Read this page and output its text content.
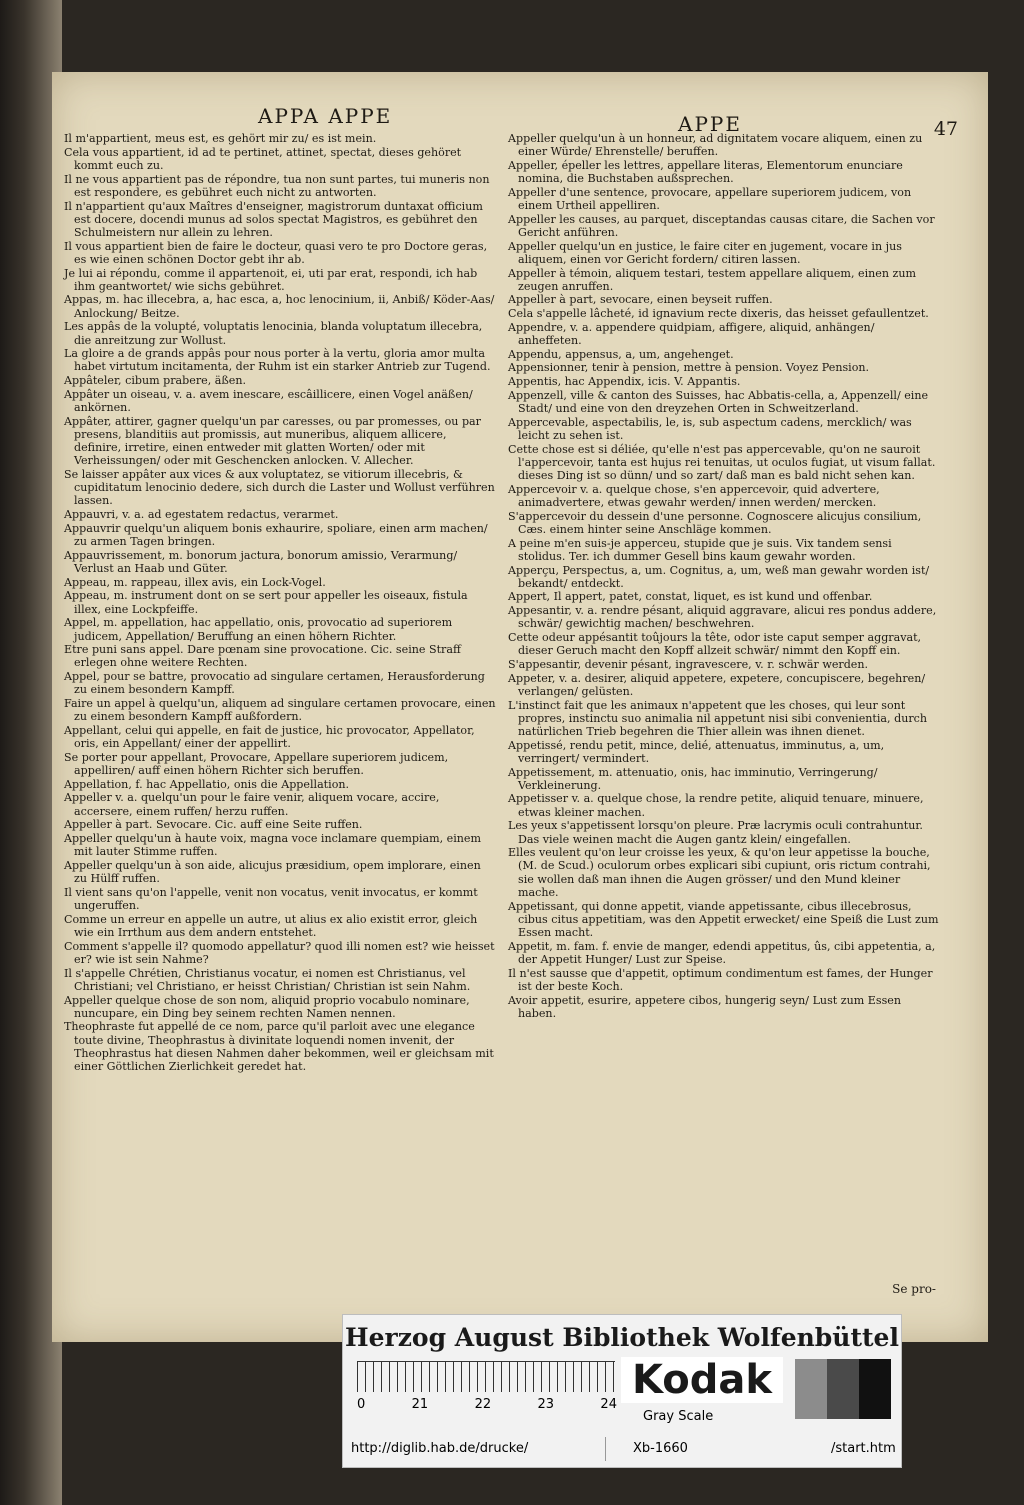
APPA APPE	APPE	47
Il m'appartient, meus est, es gehört mir zu/ es ist mein.
Cela vous appartient, id ad te pertinet, attinet, spectat, dieses gehöret kommt euch zu.
Il ne vous appartient pas de répondre, tua non sunt partes, tui muneris non est respondere, es gebühret euch nicht zu antworten.
Il n'appartient qu'aux Maîtres d'enseigner, magistrorum duntaxat officium est docere, docendi munus ad solos spectat Magistros, es gebühret den Schulmeistern nur allein zu lehren.
Il vous appartient bien de faire le docteur, quasi vero te pro Doctore geras, es wie einen schönen Doctor gebt ihr ab.
Je lui ai répondu, comme il appartenoit, ei, uti par erat, respondi, ich hab ihm geantwortet/ wie sichs gebühret.
Appas, m. hac illecebra, a, hac esca, a, hoc lenocinium, ii, Anbiß/ Köder-Aas/ Anlockung/ Beitze.
Les appâs de la volupté, voluptatis lenocinia, blanda voluptatum illecebra, die anreitzung zur Wollust.
La gloire a de grands appâs pour nous porter à la vertu, gloria amor multa habet virtutum incitamenta, der Ruhm ist ein starker Antrieb zur Tugend.
Appâteler, cibum prabere, äßen.
Appâter un oiseau, v. a. avem inescare, escâillicere, einen Vogel anäßen/ ankörnen.
Appâter, attirer, gagner quelqu'un par caresses, ou par promesses, ou par presens, blanditiis aut promissis, aut muneribus, aliquem allicere, definire, irretire, einen entweder mit glatten Worten/ oder mit Verheissungen/ oder mit Geschencken anlocken. V. Allecher.
Se laisser appâter aux vices & aux voluptatez, se vitiorum illecebris, & cupiditatum lenocinio dedere, sich durch die Laster und Wollust verführen lassen.
Appauvri, v. a. ad egestatem redactus, verarmet.
Appauvrir quelqu'un aliquem bonis exhaurire, spoliare, einen arm machen/ zu armen Tagen bringen.
Appauvrissement, m. bonorum jactura, bonorum amissio, Verarmung/ Verlust an Haab und Güter.
Appeau, m. rappeau, illex avis, ein Lock-Vogel.
Appeau, m. instrument dont on se sert pour appeller les oiseaux, fistula illex, eine Lockpfeiffe.
Appel, m. appellation, hac appellatio, onis, provocatio ad superiorem judicem, Appellation/ Beruffung an einen höhern Richter.
Etre puni sans appel. Dare pœnam sine provocatione. Cic. seine Straff erlegen ohne weitere Rechten.
Appel, pour se battre, provocatio ad singulare certamen, Herausforderung zu einem besondern Kampff.
Faire un appel à quelqu'un, aliquem ad singulare certamen provocare, einen zu einem besondern Kampff außfordern.
Appellant, celui qui appelle, en fait de justice, hic provocator, Appellator, oris, ein Appellant/ einer der appellirt.
Se porter pour appellant, Provocare, Appellare superiorem judicem, appelliren/ auff einen höhern Richter sich beruffen.
Appellation, f. hac Appellatio, onis die Appellation.
Appeller v. a. quelqu'un pour le faire venir, aliquem vocare, accire, accersere, einem ruffen/ herzu ruffen.
Appeller à part. Sevocare. Cic. auff eine Seite ruffen.
Appeller quelqu'un à haute voix, magna voce inclamare quempiam, einem mit lauter Stimme ruffen.
Appeller quelqu'un à son aide, alicujus præsidium, opem implorare, einen zu Hülff ruffen.
Il vient sans qu'on l'appelle, venit non vocatus, venit invocatus, er kommt ungeruffen.
Comme un erreur en appelle un autre, ut alius ex alio existit error, gleich wie ein Irrthum aus dem andern entstehet.
Comment s'appelle il? quomodo appellatur? quod illi nomen est? wie heisset er? wie ist sein Nahme?
Il s'appelle Chrétien, Christianus vocatur, ei nomen est Christianus, vel Christiani; vel Christiano, er heisst Christian/ Christian ist sein Nahm.
Appeller quelque chose de son nom, aliquid proprio vocabulo nominare, nuncupare, ein Ding bey seinem rechten Namen nennen.
Theophraste fut appellé de ce nom, parce qu'il parloit avec une elegance toute divine, Theophrastus à divinitate loquendi nomen invenit, der Theophrastus hat diesen Nahmen daher bekommen, weil er gleichsam mit einer Göttlichen Zierlichkeit geredet hat.
Appeller quelqu'un à un honneur, ad dignitatem vocare aliquem, einen zu einer Würde/ Ehrenstelle/ beruffen.
Appeller, épeller les lettres, appellare literas, Elementorum enunciare nomina, die Buchstaben außsprechen.
Appeller d'une sentence, provocare, appellare superiorem judicem, von einem Urtheil appelliren.
Appeller les causes, au parquet, disceptandas causas citare, die Sachen vor Gericht anführen.
Appeller quelqu'un en justice, le faire citer en jugement, vocare in jus aliquem, einen vor Gericht fordern/ citiren lassen.
Appeller à témoin, aliquem testari, testem appellare aliquem, einen zum zeugen anruffen.
Appeller à part, sevocare, einen beyseit ruffen.
Cela s'appelle lâcheté, id ignavium recte dixeris, das heisset gefaullentzet.
Appendre, v. a. appendere quidpiam, affigere, aliquid, anhängen/ anheffeten.
Appendu, appensus, a, um, angehenget.
Appensionner, tenir à pension, mettre à pension. Voyez Pension.
Appentis, hac Appendix, icis. V. Appantis.
Appenzell, ville & canton des Suisses, hac Abbatis-cella, a, Appenzell/ eine Stadt/ und eine von den dreyzehen Orten in Schweitzerland.
Appercevable, aspectabilis, le, is, sub aspectum cadens, mercklich/ was leicht zu sehen ist.
Cette chose est si déliée, qu'elle n'est pas appercevable, qu'on ne sauroit l'appercevoir, tanta est hujus rei tenuitas, ut oculos fugiat, ut visum fallat. dieses Ding ist so dünn/ und so zart/ daß man es bald nicht sehen kan.
Appercevoir v. a. quelque chose, s'en appercevoir, quid advertere, animadvertere, etwas gewahr werden/ innen werden/ mercken.
S'appercevoir du dessein d'une personne. Cognoscere alicujus consilium, Cæs. einem hinter seine Anschläge kommen.
A peine m'en suis-je apperceu, stupide que je suis. Vix tandem sensi stolidus. Ter. ich dummer Gesell bins kaum gewahr worden.
Apperçu, Perspectus, a, um. Cognitus, a, um, weß man gewahr worden ist/ bekandt/ entdeckt.
Appert, Il appert, patet, constat, liquet, es ist kund und offenbar.
Appesantir, v. a. rendre pésant, aliquid aggravare, alicui res pondus addere, schwär/ gewichtig machen/ beschwehren.
Cette odeur appésantit toûjours la tête, odor iste caput semper aggravat, dieser Geruch macht den Kopff allzeit schwär/ nimmt den Kopff ein.
S'appesantir, devenir pésant, ingravescere, v. r. schwär werden.
Appeter, v. a. desirer, aliquid appetere, expetere, concupiscere, begehren/ verlangen/ gelüsten.
L'instinct fait que les animaux n'appetent que les choses, qui leur sont propres, instinctu suo animalia nil appetunt nisi sibi convenientia, durch natürlichen Trieb begehren die Thier allein was ihnen dienet.
Appetissé, rendu petit, mince, delié, attenuatus, imminutus, a, um, verringert/ vermindert.
Appetissement, m. attenuatio, onis, hac imminutio, Verringerung/ Verkleinerung.
Appetisser v. a. quelque chose, la rendre petite, aliquid tenuare, minuere, etwas kleiner machen.
Les yeux s'appetissent lorsqu'on pleure. Præ lacrymis oculi contrahuntur. Das viele weinen macht die Augen gantz klein/ eingefallen.
Elles veulent qu'on leur croisse les yeux, & qu'on leur appetisse la bouche, (M. de Scud.) oculorum orbes explicari sibi cupiunt, oris rictum contrahi, sie wollen daß man ihnen die Augen grösser/ und den Mund kleiner mache.
Appetissant, qui donne appetit, viande appetissante, cibus illecebrosus, cibus citus appetitiam, was den Appetit erwecket/ eine Speiß die Lust zum Essen macht.
Appetit, m. fam. f. envie de manger, edendi appetitus, ûs, cibi appetentia, a, der Appetit Hunger/ Lust zur Speise.
Il n'est sausse que d'appetit, optimum condimentum est fames, der Hunger ist der beste Koch.
Avoir appetit, esurire, appetere cibos, hungerig seyn/ Lust zum Essen haben.
Se pro-
Herzog August Bibliothek Wolfenbüttel
0	21	22	23	24
Kodak
Gray Scale
http://diglib.hab.de/drucke/	Xb-1660	/start.htm
